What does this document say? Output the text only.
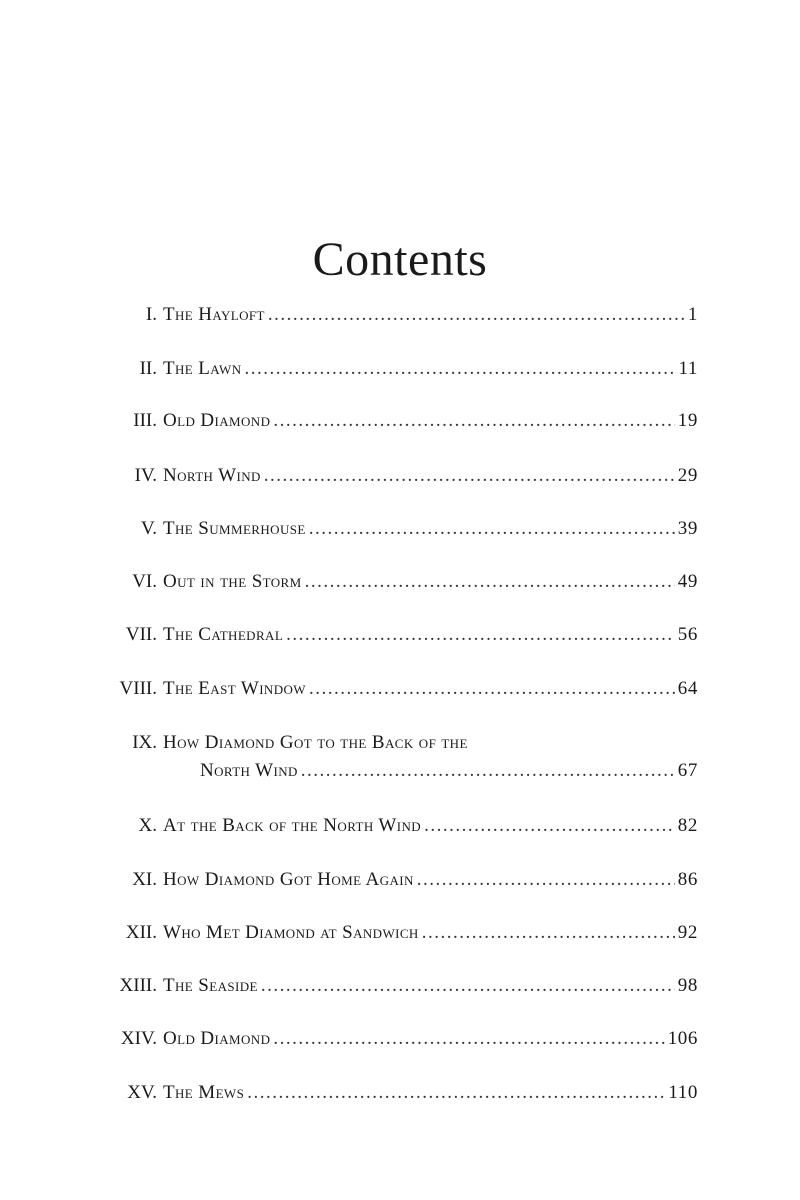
Contents
I. The Hayloft .....	1
II. The Lawn .....	11
III. Old Diamond .....	19
IV. North Wind .....	29
V. The Summerhouse .....	39
VI. Out in the Storm .....	49
VII. The Cathedral .....	56
VIII. The East Window .....	64
IX. How Diamond Got to the Back of the
North Wind .....	67
X. At the Back of the North Wind .....	82
XI. How Diamond Got Home Again .....	86
XII. Who Met Diamond at Sandwich .....	92
XIII. The Seaside .....	98
XIV. Old Diamond .....	106
XV. The Mews .....	110
